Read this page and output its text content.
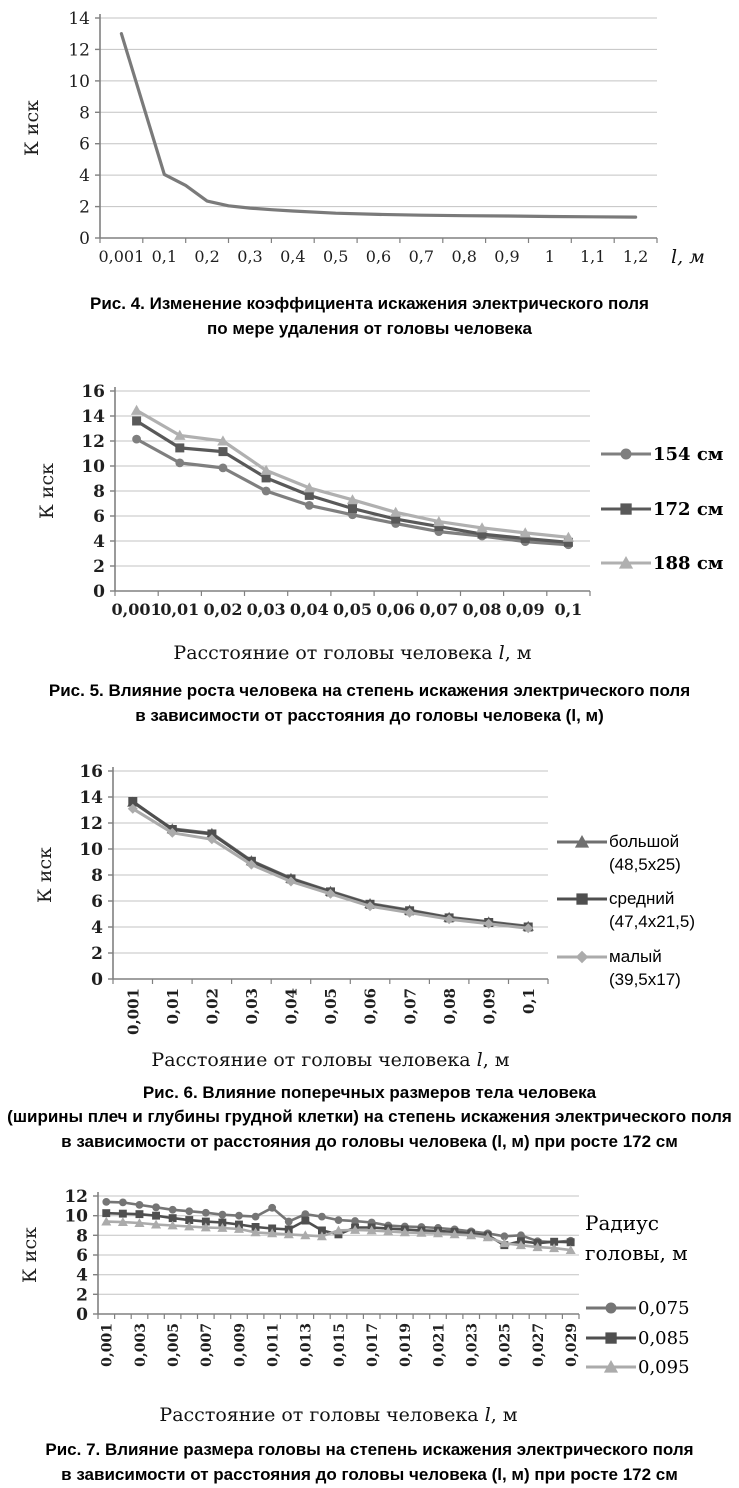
0
2
4
6
8
10
12
14
0,001 0,1 0,2 0,3 0,4 0,5 0,6 0,7 0,8 0,9 1 1,1 1,2 l, м
К иск
Рис. 4. Изменение коэффициента искажения электрического поля
по мере удаления от головы человека
0
2
4
6
8
10
12
14
16
0,001
0,01 0,02 0,03 0,04 0,05 0,06 0,07 0,08 0,09 0,1
Расстояние от головы человека l, м
К иск
154 см
172 см
188 см
Рис. 5. Влияние роста человека на степень искажения электрического поля
в зависимости от расстояния до головы человека (l, м)
0
2
4
6
8
10
12
14
16
0,001 0,01 0,02 0,03 0,04 0,05 0,06 0,07 0,08 0,09 0,1
Расстояние от головы человека l, м
К иск
большой (48,5х25)
средний (47,4х21,5)
малый (39,5х17)
Рис. 6. Влияние поперечных размеров тела человека
(ширины плеч и глубины грудной клетки) на степень искажения электрического поля
в зависимости от расстояния до головы человека (l, м) при росте 172 см
0
2
4
6
8
10
12
0,001 0,003 0,005 0,007 0,009 0,011 0,013 0,015 0,017 0,019 0,021 0,023 0,025 0,027 0,029
Расстояние от головы человека l, м
К иск
Радиус головы, м
0,075
0,085
0,095
Рис. 7. Влияние размера головы на степень искажения электрического поля
в зависимости от расстояния до головы человека (l, м) при росте 172 см
